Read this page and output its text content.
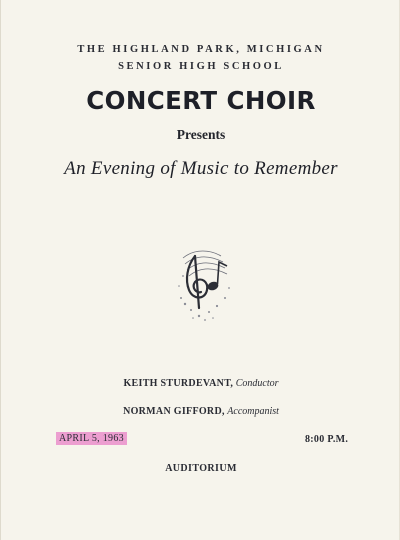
THE HIGHLAND PARK, MICHIGAN
SENIOR HIGH SCHOOL
CONCERT CHOIR
Presents
An Evening of Music to Remember
KEITH STURDEVANT, Conductor
NORMAN GIFFORD, Accompanist
APRIL 5, 1963	8:00 P.M.
AUDITORIUM
